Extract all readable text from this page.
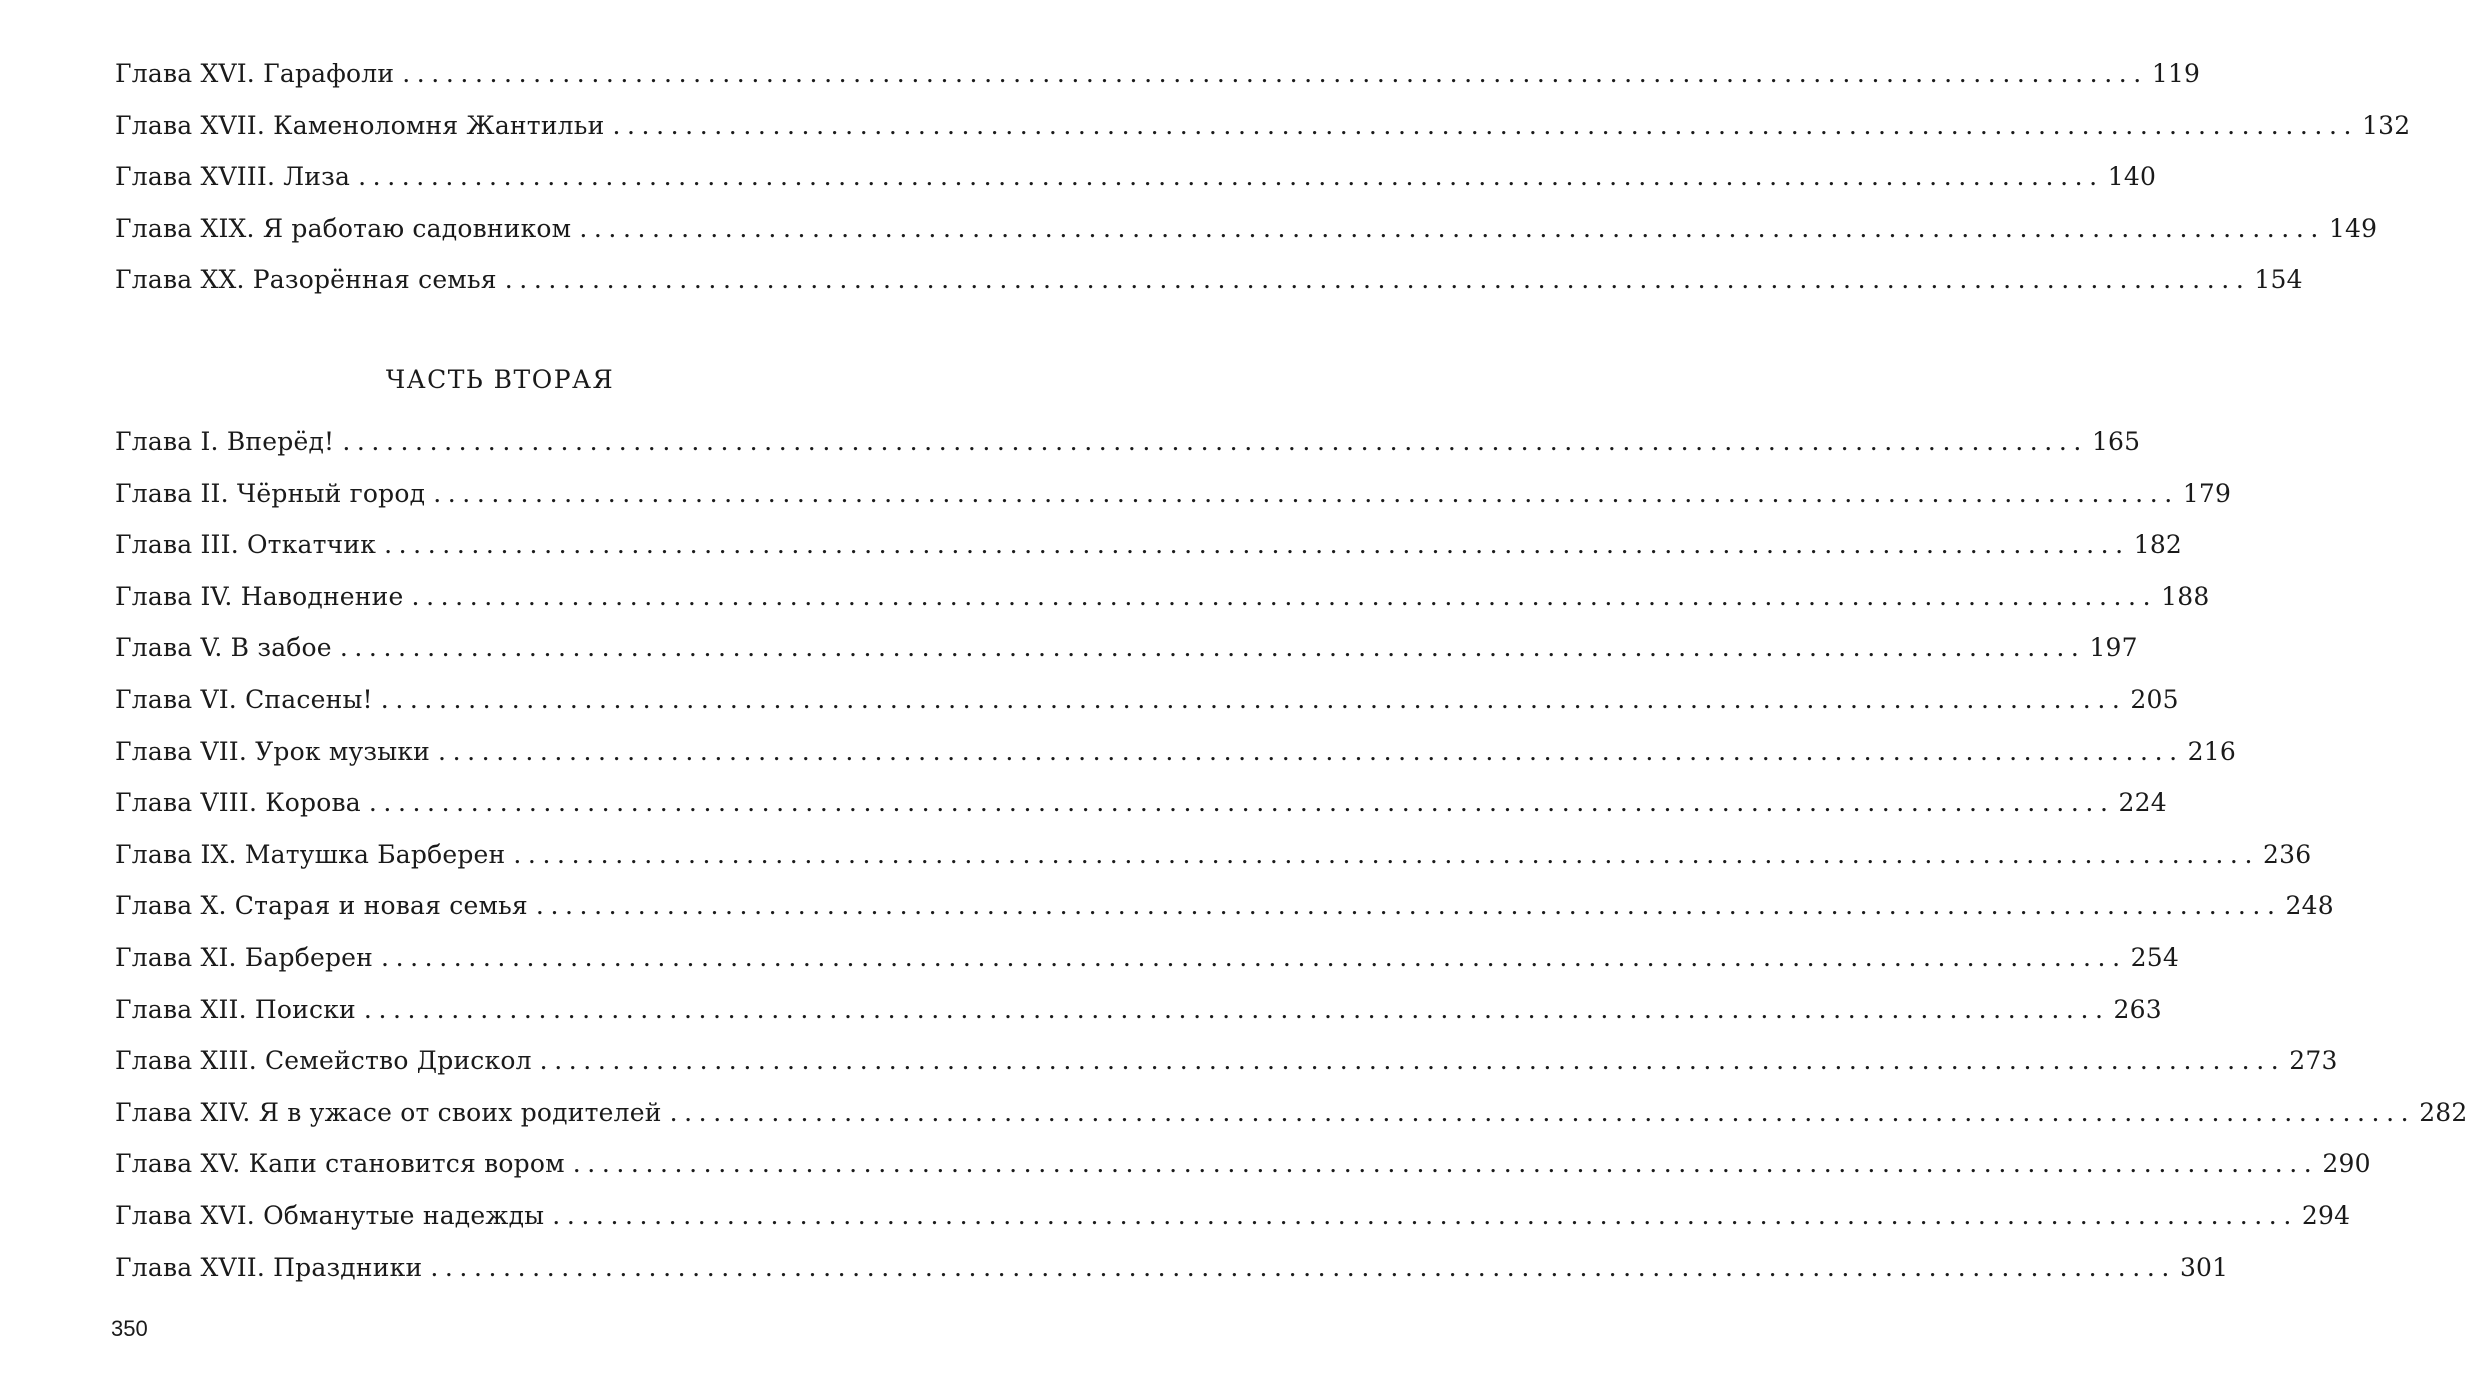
Глава XVI. Гарафоли ........................................................................................................................ 119
Глава XVII. Каменоломня Жантильи ........................................................................................................................ 132
Глава XVIII. Лиза ........................................................................................................................ 140
Глава XIX. Я работаю садовником ........................................................................................................................ 149
Глава XX. Разорённая семья ........................................................................................................................ 154
ЧАСТЬ ВТОРАЯ
Глава I. Вперёд! ........................................................................................................................ 165
Глава II. Чёрный город ........................................................................................................................ 179
Глава III. Откатчик ........................................................................................................................ 182
Глава IV. Наводнение ........................................................................................................................ 188
Глава V. В забое ........................................................................................................................ 197
Глава VI. Спасены! ........................................................................................................................ 205
Глава VII. Урок музыки ........................................................................................................................ 216
Глава VIII. Корова ........................................................................................................................ 224
Глава IX. Матушка Барберен ........................................................................................................................ 236
Глава X. Старая и новая семья ........................................................................................................................ 248
Глава XI. Барберен ........................................................................................................................ 254
Глава XII. Поиски ........................................................................................................................ 263
Глава XIII. Семейство Дрискол ........................................................................................................................ 273
Глава XIV. Я в ужасе от своих родителей ........................................................................................................................ 282
Глава XV. Капи становится вором ........................................................................................................................ 290
Глава XVI. Обманутые надежды ........................................................................................................................ 294
Глава XVII. Праздники ........................................................................................................................ 301
350
